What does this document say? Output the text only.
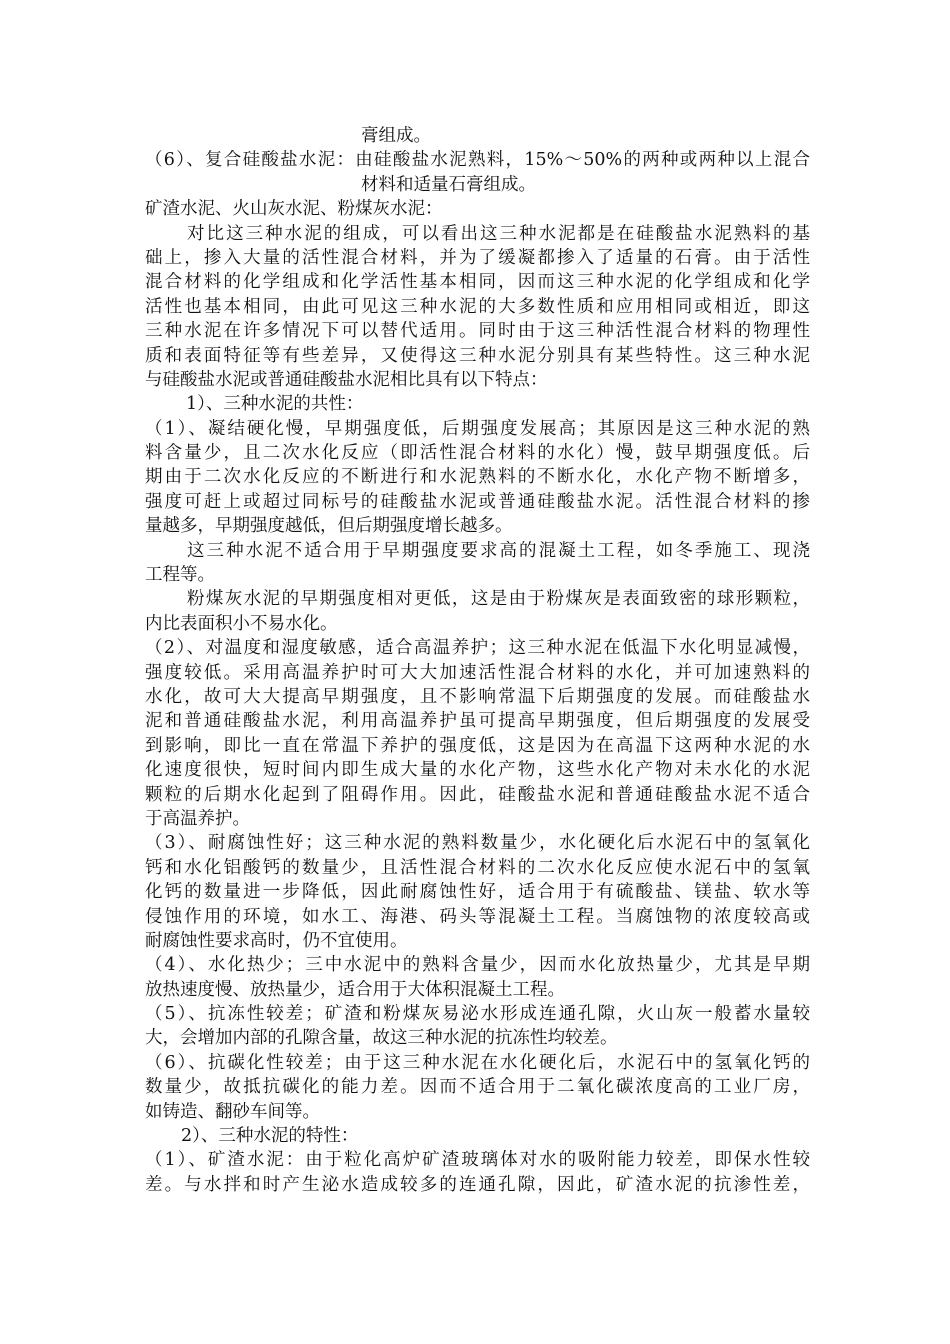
膏组成。
（6）、复合硅酸盐水泥：由硅酸盐水泥熟料，15%～50%的两种或两种以上混合
材料和适量石膏组成。
矿渣水泥、火山灰水泥、粉煤灰水泥：
对比这三种水泥的组成，可以看出这三种水泥都是在硅酸盐水泥熟料的基
础上，掺入大量的活性混合材料，并为了缓凝都掺入了适量的石膏。由于活性
混合材料的化学组成和化学活性基本相同，因而这三种水泥的化学组成和化学
活性也基本相同，由此可见这三种水泥的大多数性质和应用相同或相近，即这
三种水泥在许多情况下可以替代适用。同时由于这三种活性混合材料的物理性
质和表面特征等有些差异，又使得这三种水泥分别具有某些特性。这三种水泥
与硅酸盐水泥或普通硅酸盐水泥相比具有以下特点：
1）、三种水泥的共性：
（1）、凝结硬化慢，早期强度低，后期强度发展高；其原因是这三种水泥的熟
料含量少，且二次水化反应（即活性混合材料的水化）慢，鼓早期强度低。后
期由于二次水化反应的不断进行和水泥熟料的不断水化，水化产物不断增多，
强度可赶上或超过同标号的硅酸盐水泥或普通硅酸盐水泥。活性混合材料的掺
量越多，早期强度越低，但后期强度增长越多。
这三种水泥不适合用于早期强度要求高的混凝土工程，如冬季施工、现浇
工程等。
粉煤灰水泥的早期强度相对更低，这是由于粉煤灰是表面致密的球形颗粒，
内比表面积小不易水化。
（2）、对温度和湿度敏感，适合高温养护；这三种水泥在低温下水化明显减慢，
强度较低。采用高温养护时可大大加速活性混合材料的水化，并可加速熟料的
水化，故可大大提高早期强度，且不影响常温下后期强度的发展。而硅酸盐水
泥和普通硅酸盐水泥，利用高温养护虽可提高早期强度，但后期强度的发展受
到影响，即比一直在常温下养护的强度低，这是因为在高温下这两种水泥的水
化速度很快，短时间内即生成大量的水化产物，这些水化产物对未水化的水泥
颗粒的后期水化起到了阻碍作用。因此，硅酸盐水泥和普通硅酸盐水泥不适合
于高温养护。
（3）、耐腐蚀性好；这三种水泥的熟料数量少，水化硬化后水泥石中的氢氧化
钙和水化铝酸钙的数量少，且活性混合材料的二次水化反应使水泥石中的氢氧
化钙的数量进一步降低，因此耐腐蚀性好，适合用于有硫酸盐、镁盐、软水等
侵蚀作用的环境，如水工、海港、码头等混凝土工程。当腐蚀物的浓度较高或
耐腐蚀性要求高时，仍不宜使用。
（4）、水化热少；三中水泥中的熟料含量少，因而水化放热量少，尤其是早期
放热速度慢、放热量少，适合用于大体积混凝土工程。
（5）、抗冻性较差；矿渣和粉煤灰易泌水形成连通孔隙，火山灰一般蓄水量较
大，会增加内部的孔隙含量，故这三种水泥的抗冻性均较差。
（6）、抗碳化性较差；由于这三种水泥在水化硬化后，水泥石中的氢氧化钙的
数量少，故抵抗碳化的能力差。因而不适合用于二氧化碳浓度高的工业厂房，
如铸造、翻砂车间等。
2）、三种水泥的特性：
（1）、矿渣水泥：由于粒化高炉矿渣玻璃体对水的吸附能力较差，即保水性较
差。与水拌和时产生泌水造成较多的连通孔隙，因此，矿渣水泥的抗渗性差，
